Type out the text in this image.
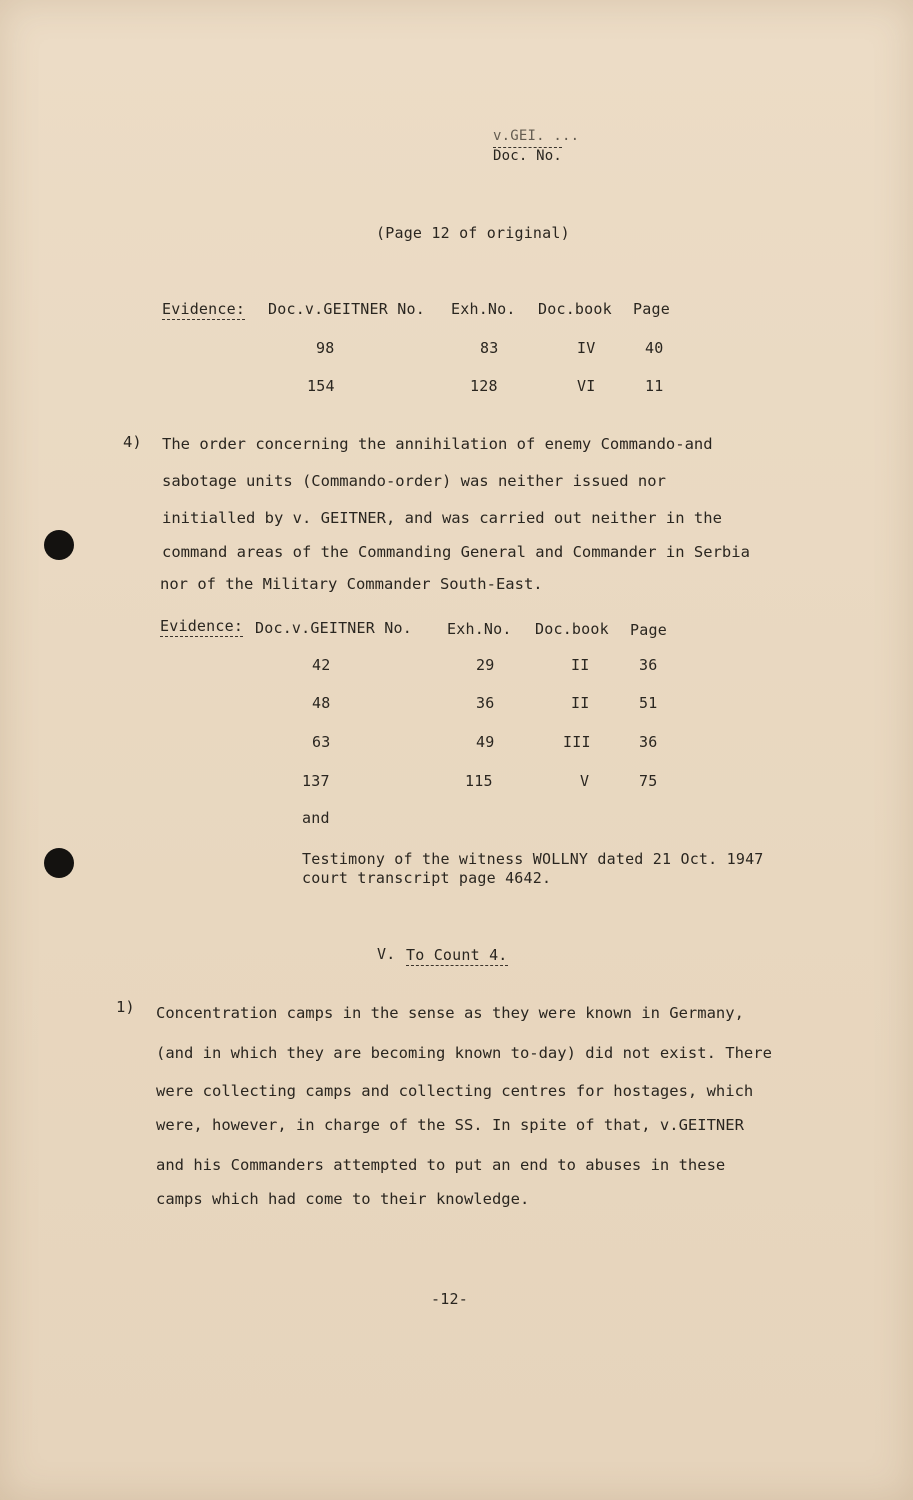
v.GEI. ...
Doc. No.
(Page 12 of original)
Evidence: Doc.v.GEITNER No. Exh.No. Doc.book Page
98	83	IV	40
154	128	VI	11
4) The order concerning the annihilation of enemy Commando-and
sabotage units (Commando-order) was neither issued nor
initialled by v. GEITNER, and was carried out neither in the
command areas of the Commanding General and Commander in Serbia
nor of the Military Commander South-East.
Evidence: Doc.v.GEITNER No. Exh.No. Doc.book Page
42	29	II	36
48	36	II	51
63	49	III	36
137	115	V	75
and
Testimony of the witness WOLLNY dated 21 Oct. 1947
court transcript page 4642.
V. To Count 4.
1) Concentration camps in the sense as they were known in Germany,
(and in which they are becoming known to-day) did not exist. There
were collecting camps and collecting centres for hostages, which
were, however, in charge of the SS. In spite of that, v.GEITNER
and his Commanders attempted to put an end to abuses in these
camps which had come to their knowledge.
-12-
